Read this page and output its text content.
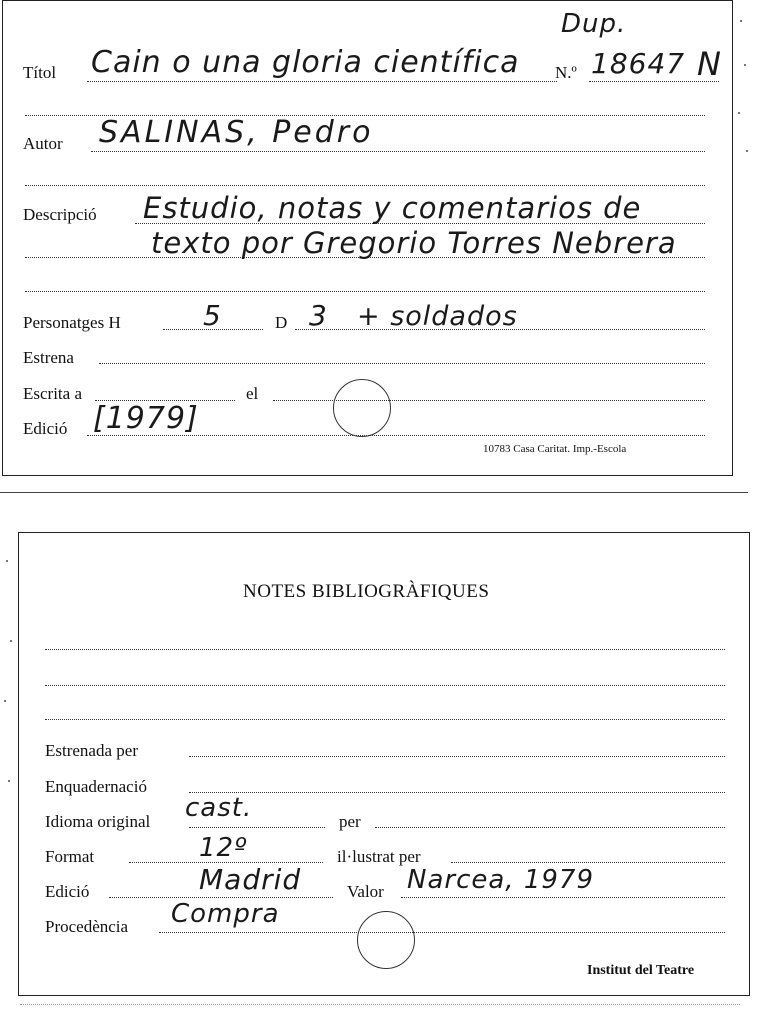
Dup.
Títol Cain o una gloria científica N.º 18647 N
Autor SALINAS, Pedro
Descripció Estudio, notas y comentarios de
texto por Gregorio Torres Nebrera
Personatges H	5	D 3 + soldados
Estrena
Escrita a	el
Edició [1979]
10783 Casa Caritat. Imp.-Escola
NOTES BIBLIOGRÀFIQUES
Estrenada per
Enquadernació
Idioma original cast.	per
Format	12º	il·lustrat per
Edició	Madrid	Valor Narcea, 1979
Procedència Compra
Institut del Teatre
